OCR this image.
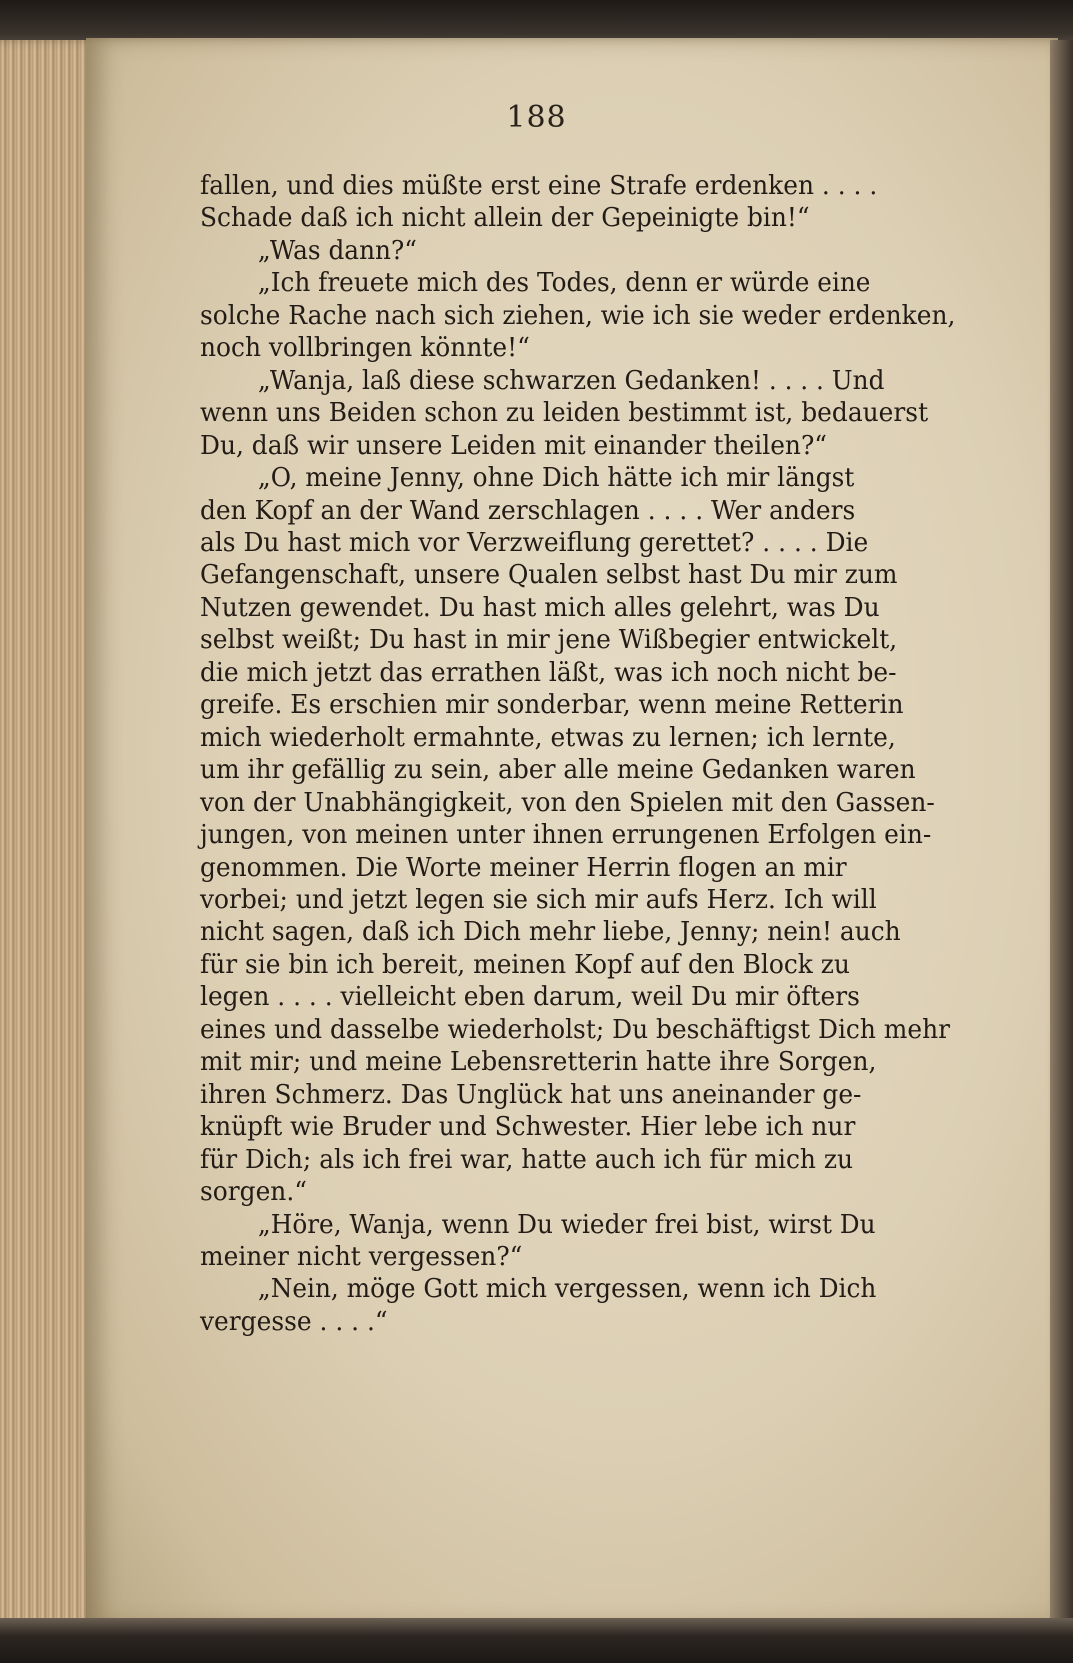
188
fallen, und dies müßte erst eine Strafe erdenken . . . .
Schade daß ich nicht allein der Gepeinigte bin!“
„Was dann?“
„Ich freuete mich des Todes, denn er würde eine
solche Rache nach sich ziehen, wie ich sie weder erdenken,
noch vollbringen könnte!“
„Wanja, laß diese schwarzen Gedanken! . . . . Und
wenn uns Beiden schon zu leiden bestimmt ist, bedauerst
Du, daß wir unsere Leiden mit einander theilen?“
„O, meine Jenny, ohne Dich hätte ich mir längst
den Kopf an der Wand zerschlagen . . . . Wer anders
als Du hast mich vor Verzweiflung gerettet? . . . . Die
Gefangenschaft, unsere Qualen selbst hast Du mir zum
Nutzen gewendet. Du hast mich alles gelehrt, was Du
selbst weißt; Du hast in mir jene Wißbegier entwickelt,
die mich jetzt das errathen läßt, was ich noch nicht be-
greife. Es erschien mir sonderbar, wenn meine Retterin
mich wiederholt ermahnte, etwas zu lernen; ich lernte,
um ihr gefällig zu sein, aber alle meine Gedanken waren
von der Unabhängigkeit, von den Spielen mit den Gassen-
jungen, von meinen unter ihnen errungenen Erfolgen ein-
genommen. Die Worte meiner Herrin flogen an mir
vorbei; und jetzt legen sie sich mir aufs Herz. Ich will
nicht sagen, daß ich Dich mehr liebe, Jenny; nein! auch
für sie bin ich bereit, meinen Kopf auf den Block zu
legen . . . . vielleicht eben darum, weil Du mir öfters
eines und dasselbe wiederholst; Du beschäftigst Dich mehr
mit mir; und meine Lebensretterin hatte ihre Sorgen,
ihren Schmerz. Das Unglück hat uns aneinander ge-
knüpft wie Bruder und Schwester. Hier lebe ich nur
für Dich; als ich frei war, hatte auch ich für mich zu
sorgen.“
„Höre, Wanja, wenn Du wieder frei bist, wirst Du
meiner nicht vergessen?“
„Nein, möge Gott mich vergessen, wenn ich Dich
vergesse . . . .“
